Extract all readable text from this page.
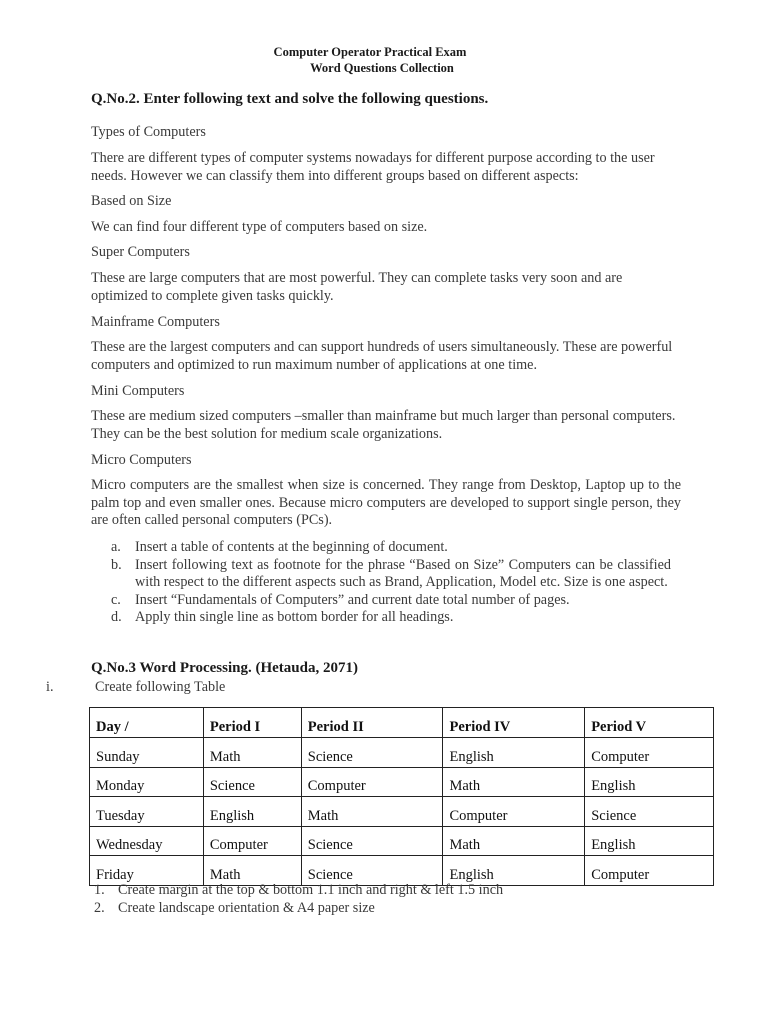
Computer Operator Practical Exam
Word Questions Collection
Q.No.2. Enter following text and solve the following questions.
Types of Computers
There are different types of computer systems nowadays for different purpose according to the user needs. However we can classify them into different groups based on different aspects:
Based on Size
We can find four different type of computers based on size.
Super Computers
These are large computers that are most powerful. They can complete tasks very soon and are optimized to complete given tasks quickly.
Mainframe Computers
These are the largest computers and can support hundreds of users simultaneously. These are powerful computers and optimized to run maximum number of applications at one time.
Mini Computers
These are medium sized computers –smaller than mainframe but much larger than personal computers. They can be the best solution for medium scale organizations.
Micro Computers
Micro computers are the smallest when size is concerned. They range from Desktop, Laptop up to the palm top and even smaller ones. Because micro computers are developed to support single person, they are often called personal computers (PCs).
a. Insert a table of contents at the beginning of document.
b. Insert following text as footnote for the phrase “Based on Size” Computers can be classified with respect to the different aspects such as Brand, Application, Model etc. Size is one aspect.
c. Insert “Fundamentals of Computers” and current date total number of pages.
d. Apply thin single line as bottom border for all headings.
Q.No.3 Word Processing. (Hetauda, 2071)
i.	Create following Table
Day /	Period I	Period II	Period IV	Period V
Sunday	Math	Science	English	Computer
Monday	Science	Computer	Math	English
Tuesday	English	Math	Computer	Science
Wednesday	Computer	Science	Math	English
Friday	Math	Science	English	Computer
1. Create margin at the top & bottom 1.1 inch and right & left 1.5 inch
2. Create landscape orientation & A4 paper size
